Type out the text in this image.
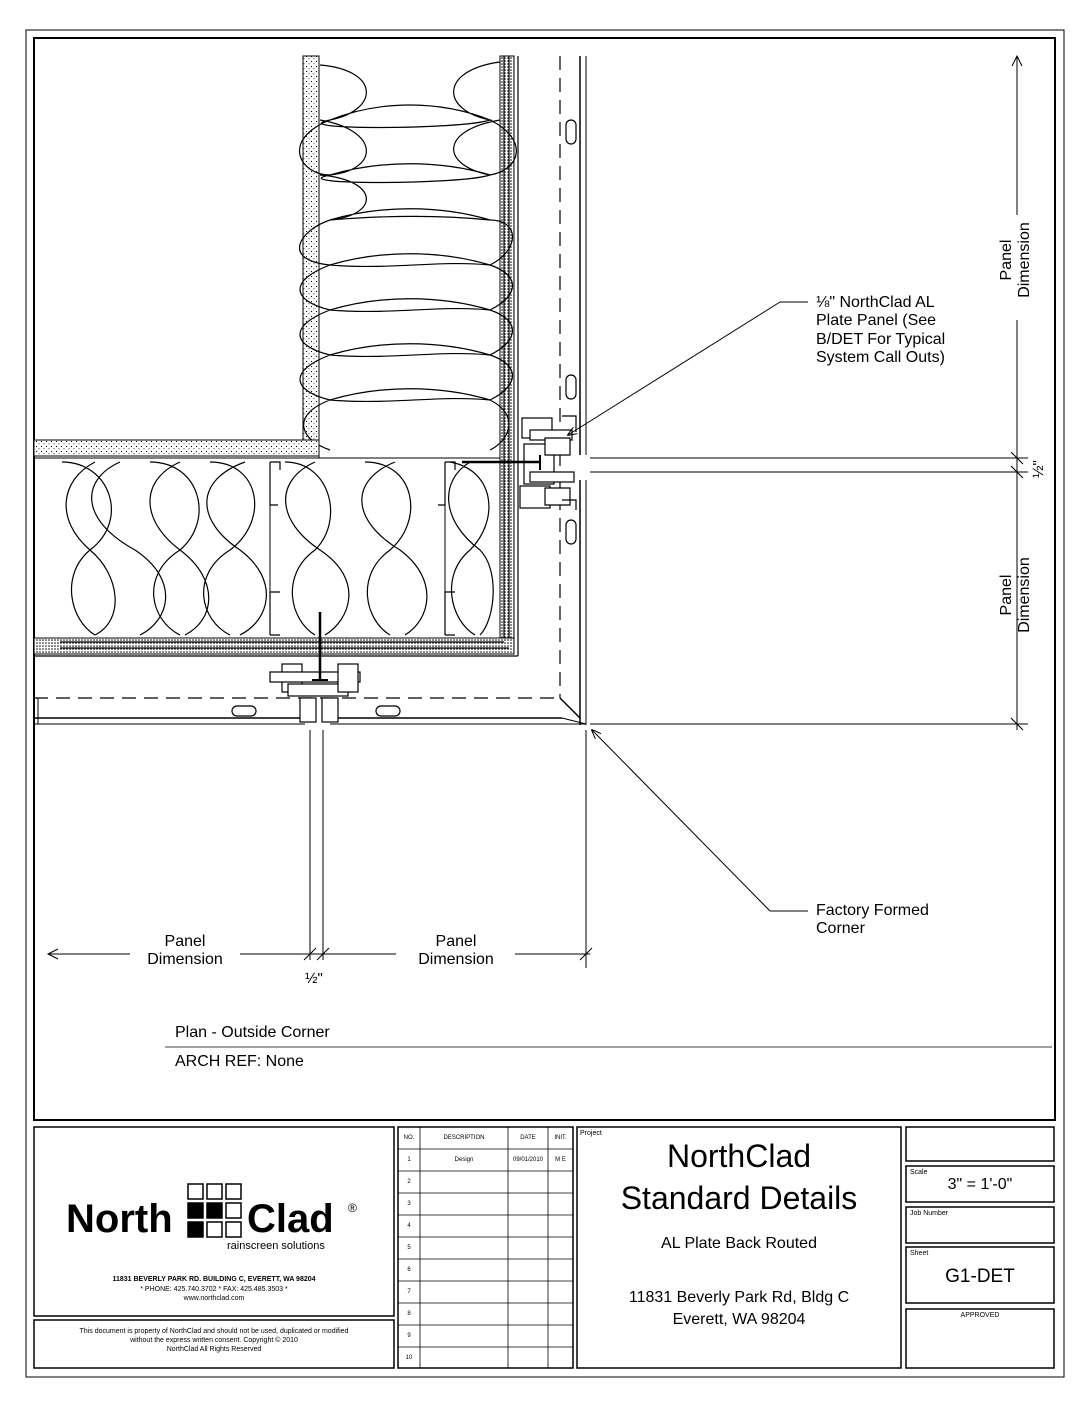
⅛" NorthClad AL
Plate Panel (See
B/DET For Typical
System Call Outs)
Factory Formed
Corner
Panel Dimension
Panel Dimension
½"
Panel
Dimension
Panel
Dimension
½"
Plan - Outside Corner
ARCH REF: None
North Clad ®
rainscreen solutions
11831 BEVERLY PARK RD. BUILDING C, EVERETT, WA 98204
* PHONE: 425.740.3702 * FAX: 425.485.3503 *
www.northclad.com
This document is property of NorthClad and should not be used, duplicated or modified
without the express written consent. Copyright © 2010
NorthClad All Rights Reserved
NO.	DESCRIPTION	DATE	INIT.
1	Design	09/01/2010	M E
2
3
4
5
6
7
8
9
10
Project
NorthClad
Standard Details
AL Plate Back Routed
11831 Beverly Park Rd, Bldg C
Everett, WA 98204
Scale
3" = 1'-0"
Job Number
Sheet
G1-DET
APPROVED
